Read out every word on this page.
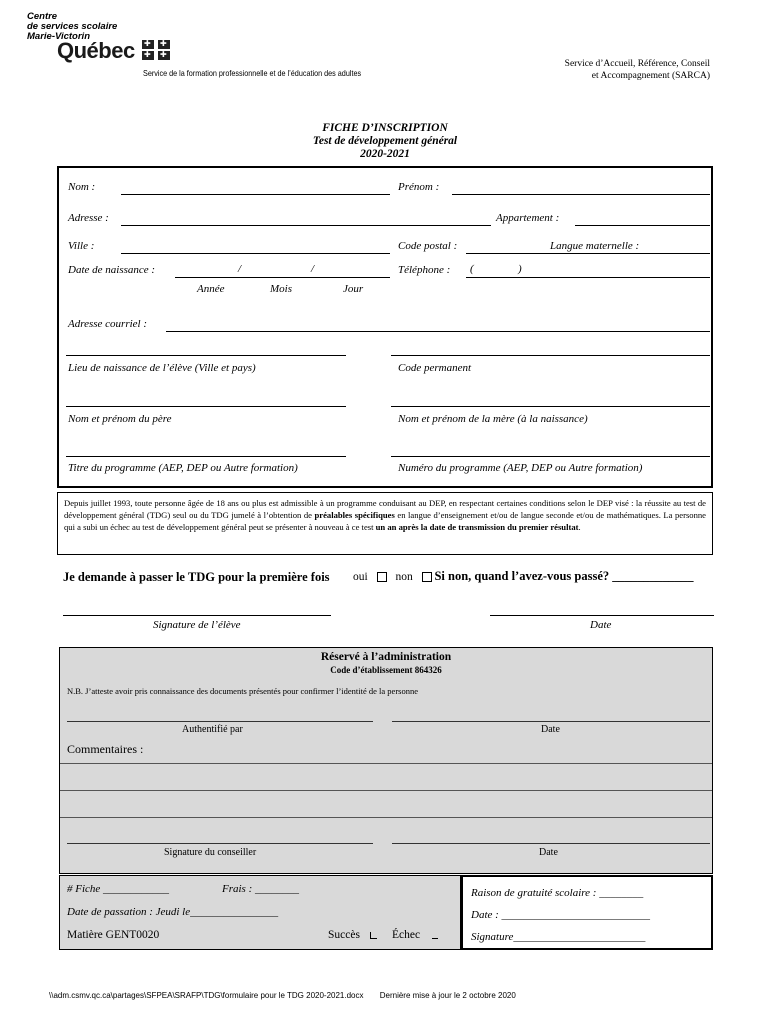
Centre
de services scolaire
Marie-Victorin
Québec
✚
✚
✚
✚
Service de la formation professionnelle et de l’éducation des adultes
Service d’Accueil, Référence, Conseil
et Accompagnement (SARCA)
FICHE D’INSCRIPTION
Test de développement général
2020-2021
Nom :	Prénom :
Adresse :	Appartement :
Ville :	Code postal :	Langue maternelle :
Date de naissance :	/	/	Téléphone : (	)
Année	Mois	Jour
Adresse courriel :
Lieu de naissance de l’élève (Ville et pays)	Code permanent
Nom et prénom du père	Nom et prénom de la mère (à la naissance)
Titre du programme (AEP, DEP ou Autre formation)	Numéro du programme (AEP, DEP ou Autre formation)
Depuis juillet 1993, toute personne âgée de 18 ans ou plus est admissible à un programme conduisant au DEP, en respectant certaines conditions selon le DEP visé : la réussite au test de développement général (TDG) seul ou du TDG jumelé à l’obtention de préalables spécifiques en langue d’enseignement et/ou de langue seconde et/ou de mathématiques. La personne qui a subi un échec au test de développement général peut se présenter à nouveau à ce test un an après la date de transmission du premier résultat.
Je demande à passer le TDG pour la première fois oui non Si non, quand l’avez-vous passé? _____________
Signature de l’élève	Date
Réservé à l’administration
Code d’établissement 864326
N.B. J’atteste avoir pris connaissance des documents présentés pour confirmer l’identité de la personne
Authentifié par	Date
Commentaires :
Signature du conseiller	Date
# Fiche ____________	Frais : ________
Date de passation : Jeudi le________________
Matière GENT0020	Succès	Échec
Raison de gratuité scolaire : ________
Date : ___________________________
Signature________________________
\\adm.csmv.qc.ca\partages\SFPEA\SRAFP\TDG\formulaire pour le TDG 2020-2021.docx Dernière mise à jour le 2 octobre 2020
